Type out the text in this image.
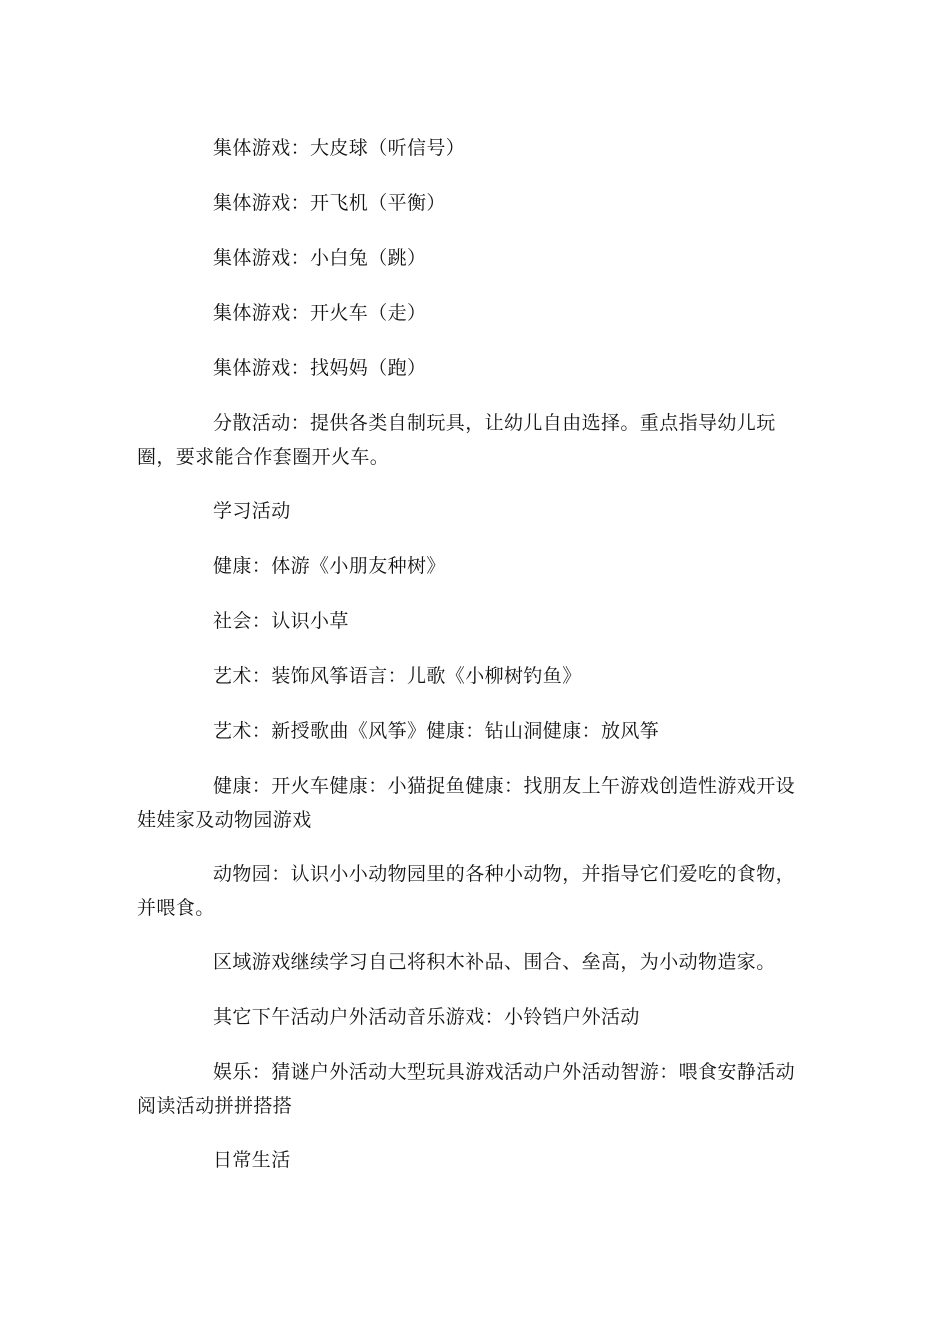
集体游戏：大皮球（听信号）

集体游戏：开飞机（平衡）

集体游戏：小白兔（跳）

集体游戏：开火车（走）

集体游戏：找妈妈（跑）

分散活动：提供各类自制玩具，让幼儿自由选择。重点指导幼儿玩圈，要求能合作套圈开火车。

学习活动

健康：体游《小朋友种树》

社会：认识小草

艺术：装饰风筝语言：儿歌《小柳树钓鱼》

艺术：新授歌曲《风筝》健康：钻山洞健康：放风筝

健康：开火车健康：小猫捉鱼健康：找朋友上午游戏创造性游戏开设娃娃家及动物园游戏

动物园：认识小小动物园里的各种小动物，并指导它们爱吃的食物，并喂食。

区域游戏继续学习自己将积木补品、围合、垒高，为小动物造家。

其它下午活动户外活动音乐游戏：小铃铛户外活动

娱乐：猜谜户外活动大型玩具游戏活动户外活动智游：喂食安静活动阅读活动拼拼搭搭

日常生活
